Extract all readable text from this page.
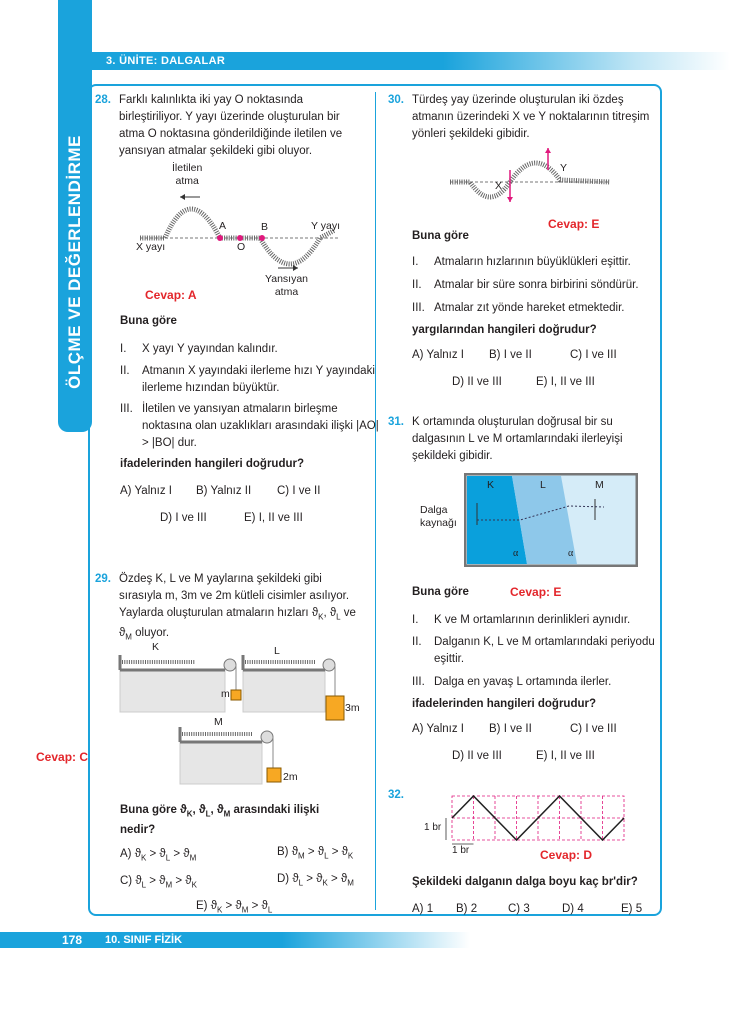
ÖLÇME VE DEĞERLENDİRME
3. ÜNİTE: DALGALAR
28. Farklı kalınlıkta iki yay O noktasında birleştiriliyor. Y yayı üzerinde oluşturulan bir atma O noktasına gönderildiğinde iletilen ve yansıyan atmalar şekildeki gibi oluyor.
İletilen
atma
A	B
O
X yayı
Y yayı
Yansıyan
atma
Cevap: A
Buna göre
I. X yayı Y yayından kalındır.
II. Atmanın X yayındaki ilerleme hızı Y yayındaki ilerleme hızından büyüktür.
III. İletilen ve yansıyan atmaların birleşme noktasına olan uzaklıkları arasındaki ilişki |AO| > |BO| dur.
ifadelerinden hangileri doğrudur?
A) Yalnız I B) Yalnız II C) I ve II
D) I ve III	E) I, II ve III
29. Özdeş K, L ve M yaylarına şekildeki gibi sırasıyla m, 3m ve 2m kütleli cisimler asılıyor. Yaylarda oluşturulan atmaların hızları $ϑ_K$, $ϑ_L$ ve $ϑ_M$ oluyor.
K	L
M
m
3m
2m
Cevap: C
Buna göre $ϑ_K$, $ϑ_L$, $ϑ_M$ arasındaki ilişki nedir?
A) $ϑ_K > ϑ_L > ϑ_M$	B) $ϑ_M > ϑ_L > ϑ_K$
C) $ϑ_L > ϑ_M > ϑ_K$	D) $ϑ_L > ϑ_K > ϑ_M$
E) $ϑ_K > ϑ_M > ϑ_L$
30. Türdeş yay üzerinde oluşturulan iki özdeş atmanın üzerindeki X ve Y noktalarının titreşim yönleri şekildeki gibidir.
X
Y
Cevap: E
Buna göre
I. Atmaların hızlarının büyüklükleri eşittir.
II. Atmalar bir süre sonra birbirini söndürür.
III. Atmalar zıt yönde hareket etmektedir.
yargılarından hangileri doğrudur?
A) Yalnız I B) I ve II	C) I ve III
D) II ve III	E) I, II ve III
31. K ortamında oluşturulan doğrusal bir su dalgasının L ve M ortamlarındaki ilerleyişi şekildeki gibidir.
K	L	M
α	α
Dalga
kaynağı
Buna göre	Cevap: E
I. K ve M ortamlarının derinlikleri aynıdır.
II. Dalganın K, L ve M ortamlarındaki periyodu eşittir.
III. Dalga en yavaş L ortamında ilerler.
ifadelerinden hangileri doğrudur?
A) Yalnız I B) I ve II	C) I ve III
D) II ve III	E) I, II ve III
32.
1 br
1 br	Cevap: D
Şekildeki dalganın dalga boyu kaç br'dir?
A) 1 B) 2	C) 3	D) 4	E) 5
178 10. SINIF FİZİK
